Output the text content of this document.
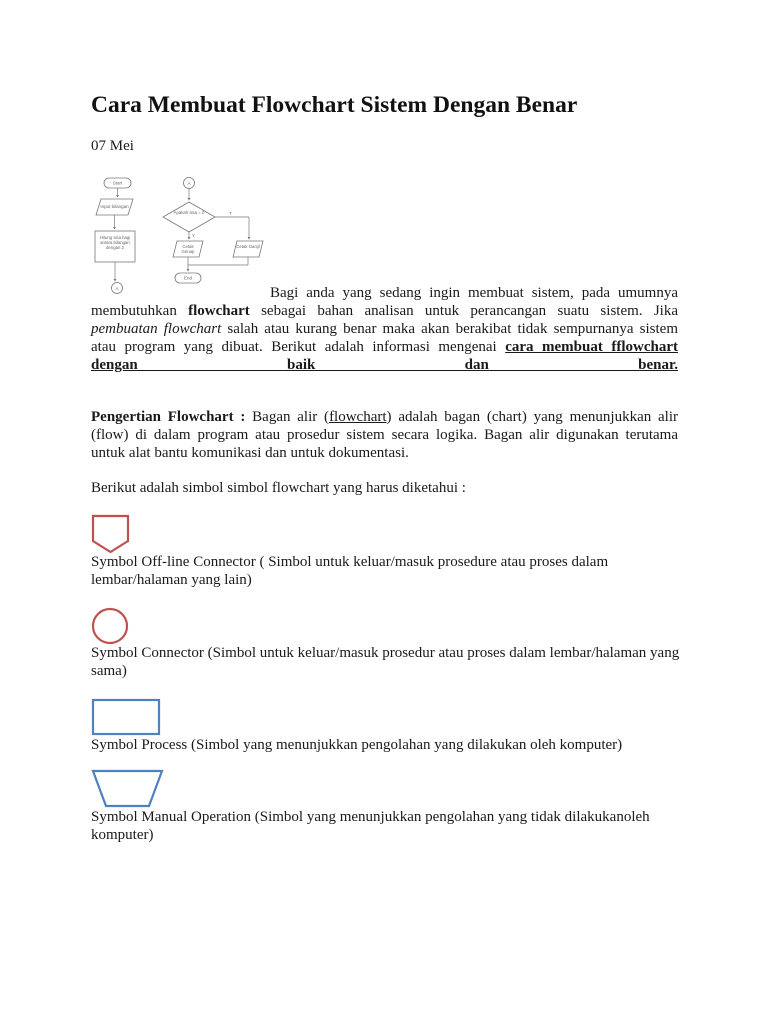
Cara Membuat Flowchart Sistem Dengan Benar
07 Mei
Start
Input bilangan
Hitung sisa bagi antara bilangan dengan 2
A
A
Apakah sisa = 0	T
Y
Cetak Genap
Cetak Ganjil
End

Bagi anda yang sedang ingin membuat sistem, pada umumnya membutuhkan flowchart sebagai bahan analisan untuk perancangan suatu sistem. Jika pembuatan flowchart salah atau kurang benar maka akan berakibat tidak sempurnanya sistem atau program yang dibuat. Berikut adalah informasi mengenai cara membuat fflowchart dengan baik dan benar.

Pengertian Flowchart : Bagan alir (flowchart) adalah bagan (chart) yang menunjukkan alir (flow) di dalam program atau prosedur sistem secara logika. Bagan alir digunakan terutama untuk alat bantu komunikasi dan untuk dokumentasi.

Berikut adalah simbol simbol flowchart yang harus diketahui :

Symbol Off-line Connector ( Simbol untuk keluar/masuk prosedure atau proses dalam lembar/halaman yang lain)

Symbol Connector (Simbol untuk keluar/masuk prosedur atau proses dalam lembar/halaman yang sama)

Symbol Process (Simbol yang menunjukkan pengolahan yang dilakukan oleh komputer)

Symbol Manual Operation (Simbol yang menunjukkan pengolahan yang tidak dilakukanoleh komputer)
